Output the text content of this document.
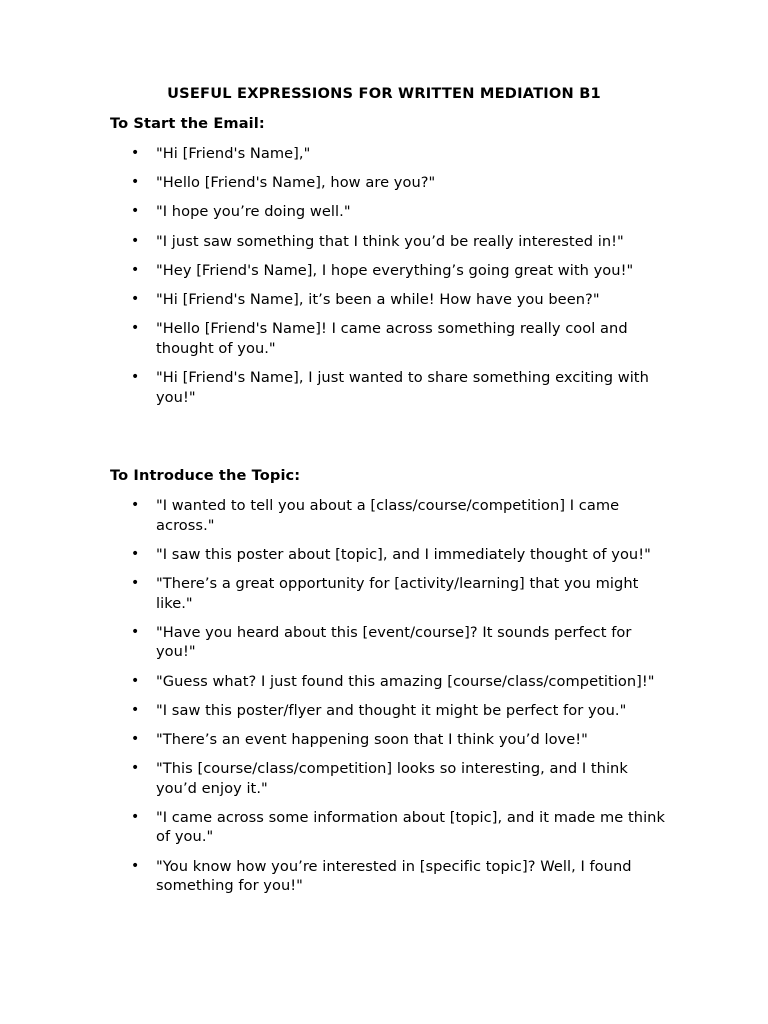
USEFUL EXPRESSIONS FOR WRITTEN MEDIATION B1
To Start the Email:
• "Hi [Friend's Name],"
• "Hello [Friend's Name], how are you?"
• "I hope you’re doing well."
• "I just saw something that I think you’d be really interested in!"
• "Hey [Friend's Name], I hope everything’s going great with you!"
• "Hi [Friend's Name], it’s been a while! How have you been?"
• "Hello [Friend's Name]! I came across something really cool and thought of you."
• "Hi [Friend's Name], I just wanted to share something exciting with you!"
To Introduce the Topic:
• "I wanted to tell you about a [class/course/competition] I came across."
• "I saw this poster about [topic], and I immediately thought of you!"
• "There’s a great opportunity for [activity/learning] that you might like."
• "Have you heard about this [event/course]? It sounds perfect for you!"
• "Guess what? I just found this amazing [course/class/competition]!"
• "I saw this poster/flyer and thought it might be perfect for you."
• "There’s an event happening soon that I think you’d love!"
• "This [course/class/competition] looks so interesting, and I think you’d enjoy it."
• "I came across some information about [topic], and it made me think of you."
• "You know how you’re interested in [specific topic]? Well, I found something for you!"
